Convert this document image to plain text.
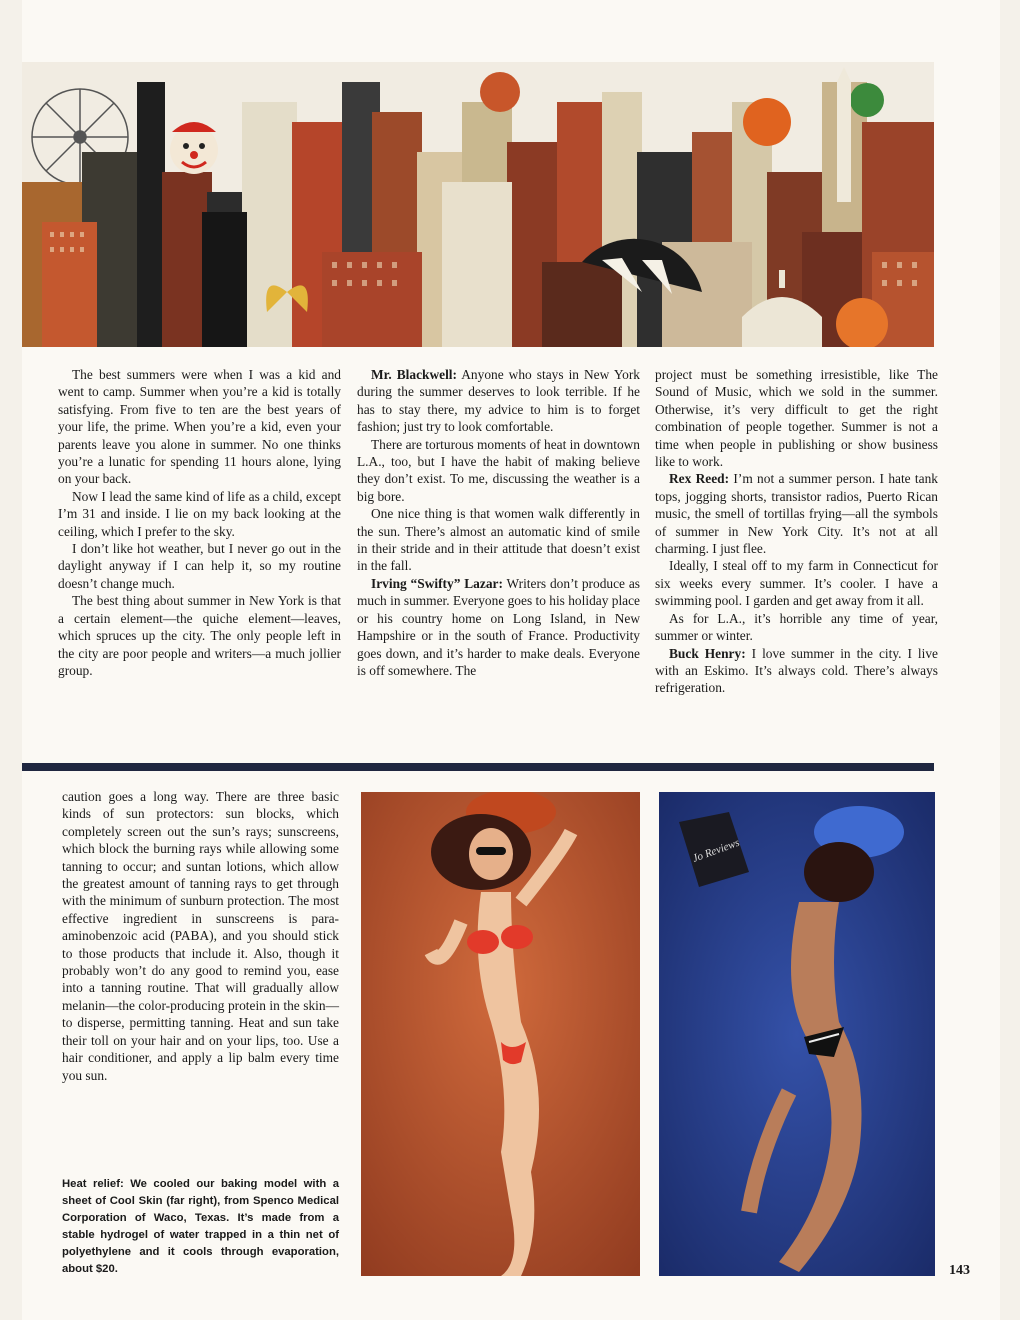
The best summers were when I was a kid and went to camp. Summer when you’re a kid is totally satisfying. From five to ten are the best years of your life, the prime. When you’re a kid, even your parents leave you alone in summer. No one thinks you’re a lunatic for spending 11 hours alone, lying on your back.

Now I lead the same kind of life as a child, except I’m 31 and inside. I lie on my back looking at the ceiling, which I prefer to the sky.

I don’t like hot weather, but I never go out in the daylight anyway if I can help it, so my routine doesn’t change much.

The best thing about summer in New York is that a certain element—the quiche element—leaves, which spruces up the city. The only people left in the city are poor people and writers—a much jollier group.

Mr. Blackwell: Anyone who stays in New York during the summer deserves to look terrible. If he has to stay there, my advice to him is to forget fashion; just try to look comfortable.

There are torturous moments of heat in downtown L.A., too, but I have the habit of making believe they don’t exist. To me, discussing the weather is a big bore.

One nice thing is that women walk differently in the sun. There’s almost an automatic kind of smile in their stride and in their attitude that doesn’t exist in the fall.

Irving “Swifty” Lazar: Writers don’t produce as much in summer. Everyone goes to his holiday place or his country home on Long Island, in New Hampshire or in the south of France. Productivity goes down, and it’s harder to make deals. Everyone is off somewhere. The

project must be something irresistible, like The Sound of Music, which we sold in the summer. Otherwise, it’s very difficult to get the right combination of people together. Summer is not a time when people in publishing or show business like to work.

Rex Reed: I’m not a summer person. I hate tank tops, jogging shorts, transistor radios, Puerto Rican music, the smell of tortillas frying—all the symbols of summer in New York City. It’s not at all charming. I just flee.

Ideally, I steal off to my farm in Connecticut for six weeks every summer. It’s cooler. I have a swimming pool. I garden and get away from it all.

As for L.A., it’s horrible any time of year, summer or winter.

Buck Henry: I love summer in the city. I live with an Eskimo. It’s always cold. There’s always refrigeration.

caution goes a long way. There are three basic kinds of sun protectors: sun blocks, which completely screen out the sun’s rays; sunscreens, which block the burning rays while allowing some tanning to occur; and suntan lotions, which allow the greatest amount of tanning rays to get through with the minimum of sunburn protection. The most effective ingredient in sunscreens is para-aminobenzoic acid (PABA), and you should stick to those products that include it. Also, though it probably won’t do any good to remind you, ease into a tanning routine. That will gradually allow melanin—the color-producing protein in the skin—to disperse, permitting tanning. Heat and sun take their toll on your hair and on your lips, too. Use a hair conditioner, and apply a lip balm every time you sun.

Heat relief: We cooled our baking model with a sheet of Cool Skin (far right), from Spenco Medical Corporation of Waco, Texas. It’s made from a stable hydrogel of water trapped in a thin net of polyethylene and it cools through evaporation, about $20.

Jo Reviews
143
